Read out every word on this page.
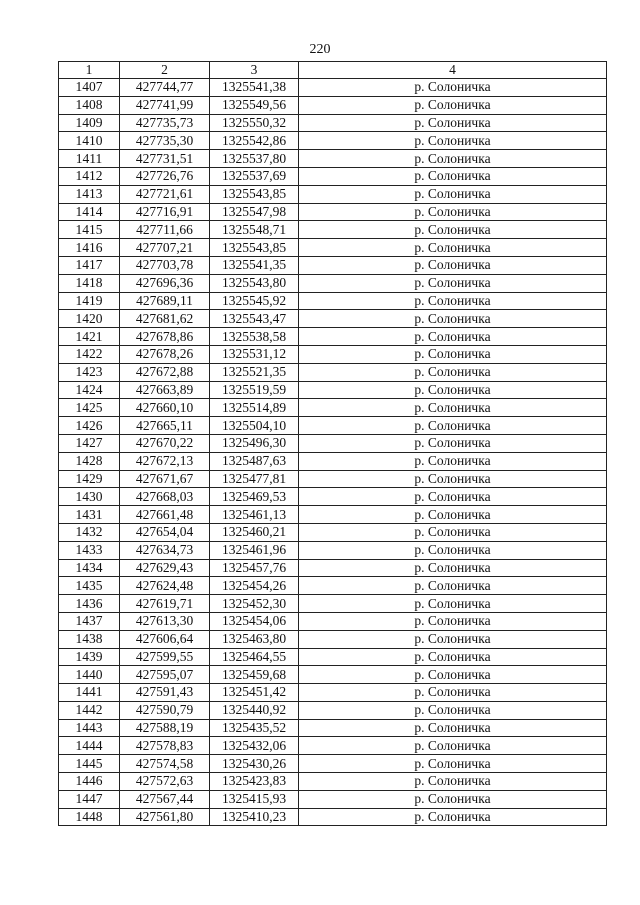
220
1	2	3	4
1407	427744,77	1325541,38	р. Солоничка
1408	427741,99	1325549,56	р. Солоничка
1409	427735,73	1325550,32	р. Солоничка
1410	427735,30	1325542,86	р. Солоничка
1411	427731,51	1325537,80	р. Солоничка
1412	427726,76	1325537,69	р. Солоничка
1413	427721,61	1325543,85	р. Солоничка
1414	427716,91	1325547,98	р. Солоничка
1415	427711,66	1325548,71	р. Солоничка
1416	427707,21	1325543,85	р. Солоничка
1417	427703,78	1325541,35	р. Солоничка
1418	427696,36	1325543,80	р. Солоничка
1419	427689,11	1325545,92	р. Солоничка
1420	427681,62	1325543,47	р. Солоничка
1421	427678,86	1325538,58	р. Солоничка
1422	427678,26	1325531,12	р. Солоничка
1423	427672,88	1325521,35	р. Солоничка
1424	427663,89	1325519,59	р. Солоничка
1425	427660,10	1325514,89	р. Солоничка
1426	427665,11	1325504,10	р. Солоничка
1427	427670,22	1325496,30	р. Солоничка
1428	427672,13	1325487,63	р. Солоничка
1429	427671,67	1325477,81	р. Солоничка
1430	427668,03	1325469,53	р. Солоничка
1431	427661,48	1325461,13	р. Солоничка
1432	427654,04	1325460,21	р. Солоничка
1433	427634,73	1325461,96	р. Солоничка
1434	427629,43	1325457,76	р. Солоничка
1435	427624,48	1325454,26	р. Солоничка
1436	427619,71	1325452,30	р. Солоничка
1437	427613,30	1325454,06	р. Солоничка
1438	427606,64	1325463,80	р. Солоничка
1439	427599,55	1325464,55	р. Солоничка
1440	427595,07	1325459,68	р. Солоничка
1441	427591,43	1325451,42	р. Солоничка
1442	427590,79	1325440,92	р. Солоничка
1443	427588,19	1325435,52	р. Солоничка
1444	427578,83	1325432,06	р. Солоничка
1445	427574,58	1325430,26	р. Солоничка
1446	427572,63	1325423,83	р. Солоничка
1447	427567,44	1325415,93	р. Солоничка
1448	427561,80	1325410,23	р. Солоничка
